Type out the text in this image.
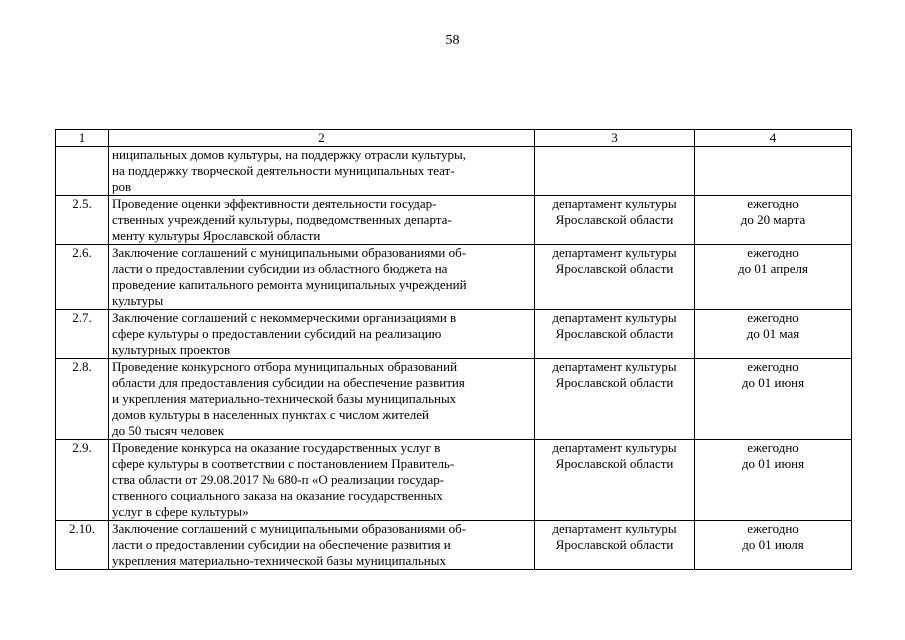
58
1	2	3	4

	ниципальных домов культуры, на поддержку отрасли культуры,
на поддержку творческой деятельности муниципальных теат-
ров		

2.5.	Проведение оценки эффективности деятельности государ-
ственных учреждений культуры, подведомственных департа-
менту культуры Ярославской области	департамент культуры
Ярославской области	ежегодно
до 20 марта

2.6.	Заключение соглашений с муниципальными образованиями об-
ласти о предоставлении субсидии из областного бюджета на
проведение капитального ремонта муниципальных учреждений
культуры	департамент культуры
Ярославской области	ежегодно
до 01 апреля

2.7.	Заключение соглашений с некоммерческими организациями в
сфере культуры о предоставлении субсидий на реализацию
культурных проектов	департамент культуры
Ярославской области	ежегодно
до 01 мая

2.8.	Проведение конкурсного отбора муниципальных образований
области для предоставления субсидии на обеспечение развития
и укрепления материально-технической базы муниципальных
домов культуры в населенных пунктах с числом жителей
до 50 тысяч человек	департамент культуры
Ярославской области	ежегодно
до 01 июня

2.9.	Проведение конкурса на оказание государственных услуг в
сфере культуры в соответствии с постановлением Правитель-
ства области от 29.08.2017 № 680-п «О реализации государ-
ственного социального заказа на оказание государственных
услуг в сфере культуры»	департамент культуры
Ярославской области	ежегодно
до 01 июня

2.10.	Заключение соглашений с муниципальными образованиями об-
ласти о предоставлении субсидии на обеспечение развития и
укрепления материально-технической базы муниципальных	департамент культуры
Ярославской области	ежегодно
до 01 июля
